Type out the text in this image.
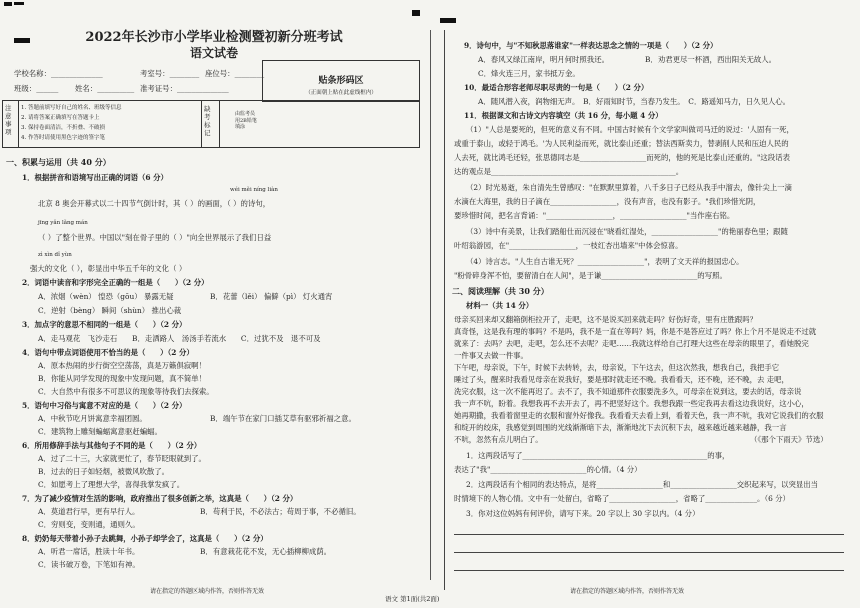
2022年长沙市小学毕业检测暨初新分班考试
语文试卷
学校名称：______________	考室号：________ 座位号：________
班级：______ 姓名：__________ 准考证号：______________
贴条形码区
（正面朝上贴在此虚线框内）
注意事项
1. 答题前填写好自己的姓名、班级等信息
2. 请将答案正确填写在答题卡上
3. 保持卷面清洁，不折叠、不破损
4. 作答时请使用黑色字迹的签字笔
缺考标记
由监考员用2B铅笔填涂
一、积累与运用（共 40 分）
1．根据拼音和语境写出正确的词语（6 分）
wéi měi níng liàn
北京 8 奥会开幕式以二十四节气倒计时，其（ ）的画面，（ ）的诗句，
jīng yǎn lǎng mán
（ ）了整个世界。中国以"刻在骨子里的（ ）"向全世界展示了我们日益
zì xìn dǐ yùn
强大的文化（ ），彰显出中华五千年的文化（ ）
2．词语中读音和字形完全正确的一组是（　　）（2 分）
A．浓烟（wèn） 惶恐（gōu） 暴露无疑	B．花蕾（lěi） 偏僻（pì） 灯火通宵
C．逆射（bèng） 瞬间（shùn） 推出心裁
3．加点字的意思不相同的一组是（　　）（2 分）
A．走马观花　飞沙走石　　B．走洒路人　汤汤手若流水　　C．过犹不及　退不可及
4．语句中带点词语使用不恰当的是（　　）（2 分）
A．原本热闹的步行街空空荡荡，真是万籁俱寂啊！
B．你能从同学发现的现象中发现问题，真不简单！
C．大自然中有很多不可思议的现象等待我们去探索。
5．语句中习俗与寓意不对应的是（　　）（2 分）
A．中秋节吃月饼寓意幸福团圆。	B．端午节在家门口插艾草有驱邪祈福之意。
C．建筑物上雕刻蝙蝠寓意驱赶蝙蝠。
6．所用修辞手法与其他句子不同的是（　　）（2 分）
A．过了二十三，大家就更忙了，春节眨眼就到了。
B．过去的日子如轻烟，被微风吹散了。
C．如愿考上了理想大学，喜得我掌发疯了。
7．为了减少疫情对生活的影响，政府推出了很多创新之举，这真是（　　）（2 分）
A．莫道君行早，更有早行人。	B．苟利于民，不必法古；苟周于事，不必循旧。
C．穷则变，变则通，通则久。
8．奶奶每天带着小孙子去跳舞，小孙子却学会了，这真是（　　）（2 分）
A．听君一席话，胜读十年书。	B．有意栽花花不发，无心插柳柳成荫。
C．读书破万卷，下笔如有神。
请在指定的答题区域内作答，否则作答无效
9．诗句中，与"不知秋思落谁家"一样表达思念之情的一项是（　　）（2 分）
A．春风又绿江南岸，明月何时照我还。	B．劝君更尽一杯酒，西出阳关无故人。
C．烽火连三月，家书抵万金。
10．最适合形容老师尽职尽责的一句是（　　）（2 分）
A．随风潜入夜，润物细无声。　B．好雨知时节，当春乃发生。　C．路遥知马力，日久见人心。
11．根据课文和古诗文内容填空（共 16 分，每小题 4 分）
（1）"人总是要死的，但死的意义有不同。中国古时候有个文学家叫做司马迁的说过：'人固有一死，
或重于泰山，或轻于鸿毛。'为人民利益而死，就比泰山还重；替法西斯卖力，替剥削人民和压迫人民的
人去死，就比鸿毛还轻，张思德同志是__________________而死的，他的死是比泰山还重的。"这段话表
达的观点是__________________________________________________。
（2）时光易逝，朱自清先生曾感叹："在默默里算着，八千多日子已经从我手中溜去，像针尖上一滴
水滴在大海里，我的日子滴在__________________，没有声音，也没有影子。"我们珍惜光阴，
要珍惜时间，把名言背诵："__________________，__________________"当作座右铭。
（3）诗中有美景，让我们踏船仕而沉浸在"晓看红湿处，__________________"的艳丽春色里；跟随
叶绍翁游园，在"__________________，一枝红杏出墙来"中体会惊喜。
（4）诗言志。"人生自古谁无死？__________________"，表明了文天祥的报国忠心。
"粉骨碎身浑不怕，要留清白在人间"，是于谦__________________________的写照。
二、阅读理解（共 30 分）
材料一（共 14 分）
母亲买回来却又翻箱倒柜拉开了，走吧，这不是说买回来就走吗？好伤好奇，里有庄胜跟吗？
真奇怪，这是我有理的事吗？不是吗，我不是一直在等吗？妈，你是不是答应过了吗？你上个月不是说走不过就
就来了：去吗？去吧，走吧，怎么还不去呢？走吧……我就这样给自己打理大这些在母亲的眼里了，看她脱完
一件事又去做一件事。
下午吧，母亲说，下午，时候下去转转，去，母亲说，下午这去，但这次然我，想我自己，我把手它
睡过了头，醒来时我看见母亲在说我好，要是那时就走还不晚。我看看天，还不晚，还不晚，去 走吧，
洗完衣服，这一次不能再迟了。去不了，我不知道那件衣服要洗多久，可母亲在说到这，要去的话，母亲说
我一声不吭，盼着。我想我再不去开去了，再不把竖好这个。我想我跟一些定我再去看这边我说好，这小心，
她再期撒，我看着窗里走的衣服和窗外好像我。我看看天去看上到，看着天色，我一声不吭，我对它说我们的衣服
和绽开的绞床，我感觉到周围的光线渐渐暗下去，渐渐地沈下去沉积下去，越来越近越来越静，我一言
不吭，忽然有点儿明白了。	（《那个下雨天》节选）
1．这两段话写了__________________________________________________的事，
表达了"我"__________________________的心情。（4 分）
2．这两段话有个相同的表达特点，是将__________________和__________________交织起来写，以突显出当
时情境下的人物心情。文中有一处留白，省略了__________________，省略了______________。（6 分）
3．你对这位妈妈有何评价，请写下来。20 字以上 30 字以内。（4 分）
请在指定的答题区域内作答，否则作答无效
语文 第1面(共2面)
